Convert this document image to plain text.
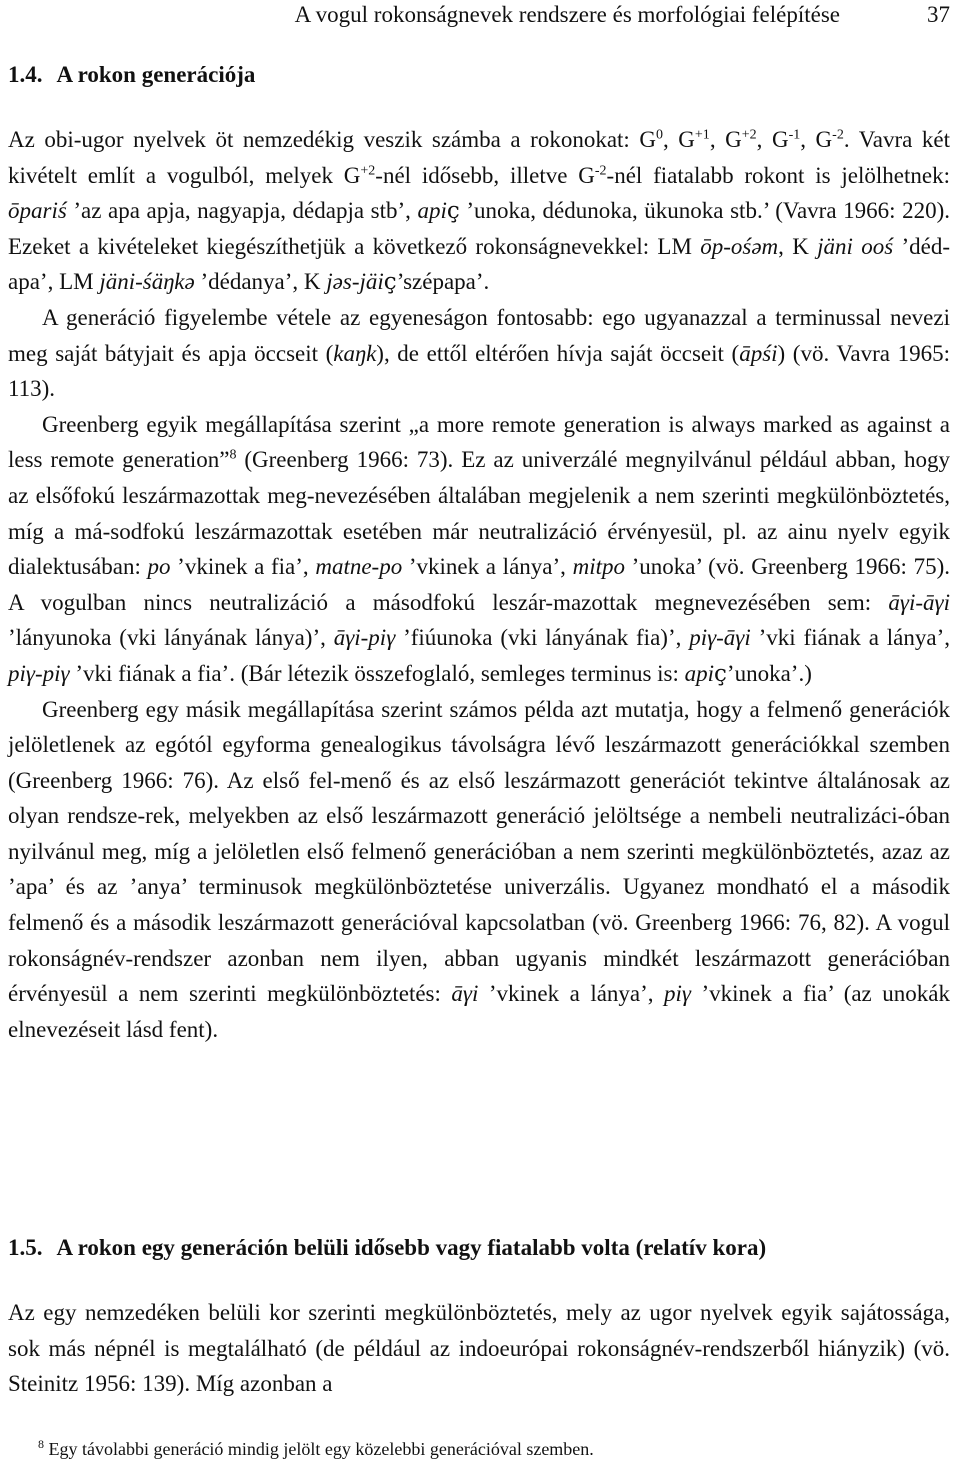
A vogul rokonságnevek rendszere és morfológiai felépítése	37
1.4. A rokon generációja

Az obi-ugor nyelvek öt nemzedékig veszik számba a rokonokat: $G^0$, $G^{+1}$, $G^{+2}$, $G^{-1}$, $G^{-2}$. Vavra két kivételt említ a vogulból, melyek $G^{+2}$-nél idősebb, illetve $G^{-2}$-nél fiatalabb rokont is jelölhetnek: ōpariś ’az apa apja, nagyapja, dédapja stb’, apiⅽ̧ ’unoka, dédunoka, ükunoka stb.’ (Vavra 1966: 220). Ezeket a kivételeket kiegészíthetjük a következő rokonságnevekkel: LM ōp-ośəm, K jäni ooś ’déd-apa’, LM jäni-śäŋkə ’dédanya’, K jəs-jäiⅽ̧’szépapa’.

A generáció figyelembe vétele az egyeneságon fontosabb: ego ugyanazzal a terminussal nevezi meg saját bátyjait és apja öccseit (kaŋk), de ettől eltérően hívja saját öccseit (āpśi) (vö. Vavra 1965: 113).

Greenberg egyik megállapítása szerint „a more remote generation is always marked as against a less remote generation”$^8$ (Greenberg 1966: 73). Ez az univerzálé megnyilvánul például abban, hogy az elsőfokú leszármazottak meg-nevezésében általában megjelenik a nem szerinti megkülönböztetés, míg a má-sodfokú leszármazottak esetében már neutralizáció érvényesül, pl. az ainu nyelv egyik dialektusában: po ’vkinek a fia’, matne-po ’vkinek a lánya’, mitpo ’unoka’ (vö. Greenberg 1966: 75). A vogulban nincs neutralizáció a másodfokú leszár-mazottak megnevezésében sem: āγi-āγi ’lányunoka (vki lányának lánya)’, āγi-piγ ’fiúunoka (vki lányának fia)’, piγ-āγi ’vki fiának a lánya’, piγ-piγ ’vki fiának a fia’. (Bár létezik összefoglaló, semleges terminus is: apiⅽ̧’unoka’.)

Greenberg egy másik megállapítása szerint számos példa azt mutatja, hogy a felmenő generációk jelöletlenek az egótól egyforma genealogikus távolságra lévő leszármazott generációkkal szemben (Greenberg 1966: 76). Az első fel-menő és az első leszármazott generációt tekintve általánosak az olyan rendsze-rek, melyekben az első leszármazott generáció jelöltsége a nembeli neutralizáci-óban nyilvánul meg, míg a jelöletlen első felmenő generációban a nem szerinti megkülönböztetés, azaz az ’apa’ és az ’anya’ terminusok megkülönböztetése univerzális. Ugyanez mondható el a második felmenő és a második leszármazott generációval kapcsolatban (vö. Greenberg 1966: 76, 82). A vogul rokonságnév-rendszer azonban nem ilyen, abban ugyanis mindkét leszármazott generációban érvényesül a nem szerinti megkülönböztetés: āγi ’vkinek a lánya’, piγ ’vkinek a fia’ (az unokák elnevezéseit lásd fent).

1.5. A rokon egy generáción belüli idősebb vagy fiatalabb volta (relatív kora)

Az egy nemzedéken belüli kor szerinti megkülönböztetés, mely az ugor nyelvek egyik sajátossága, sok más népnél is megtalálható (de például az indoeurópai rokonságnév-rendszerből hiányzik) (vö. Steinitz 1956: 139). Míg azonban a

$^8$ Egy távolabbi generáció mindig jelölt egy közelebbi generációval szemben.
